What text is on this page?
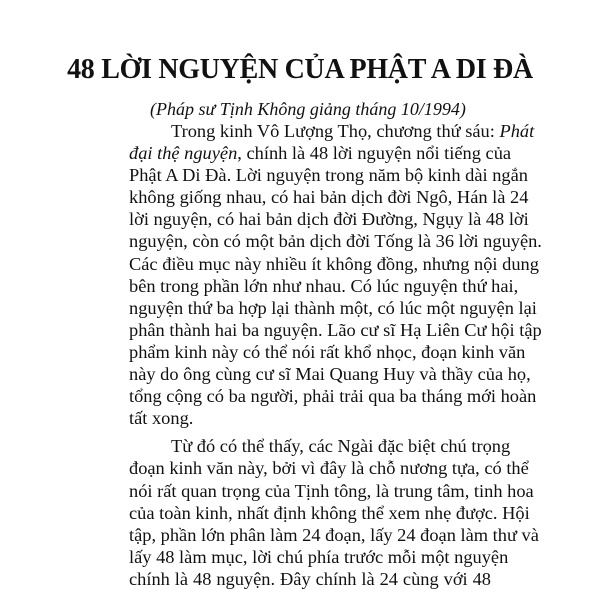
48 LỜI NGUYỆN CỦA PHẬT A DI ĐÀ
(Pháp sư Tịnh Không giảng tháng 10/1994)
Trong kinh Vô Lượng Thọ, chương thứ sáu: Phát
đại thệ nguyện, chính là 48 lời nguyện nổi tiếng của
Phật A Di Đà. Lời nguyện trong năm bộ kinh dài ngắn
không giống nhau, có hai bản dịch đời Ngô, Hán là 24
lời nguyện, có hai bản dịch đời Đường, Ngụy là 48 lời
nguyện, còn có một bản dịch đời Tống là 36 lời nguyện.
Các điều mục này nhiều ít không đồng, nhưng nội dung
bên trong phần lớn như nhau. Có lúc nguyện thứ hai,
nguyện thứ ba hợp lại thành một, có lúc một nguyện lại
phân thành hai ba nguyện. Lão cư sĩ Hạ Liên Cư hội tập
phẩm kinh này có thể nói rất khổ nhọc, đoạn kinh văn
này do ông cùng cư sĩ Mai Quang Huy và thầy của họ,
tổng cộng có ba người, phải trải qua ba tháng mới hoàn
tất xong.
Từ đó có thể thấy, các Ngài đặc biệt chú trọng
đoạn kinh văn này, bởi vì đây là chỗ nương tựa, có thể
nói rất quan trọng của Tịnh tông, là trung tâm, tinh hoa
của toàn kinh, nhất định không thể xem nhẹ được. Hội
tập, phần lớn phân làm 24 đoạn, lấy 24 đoạn làm thư và
lấy 48 làm mục, lời chú phía trước mỗi một nguyện
chính là 48 nguyện. Đây chính là 24 cùng với 48
